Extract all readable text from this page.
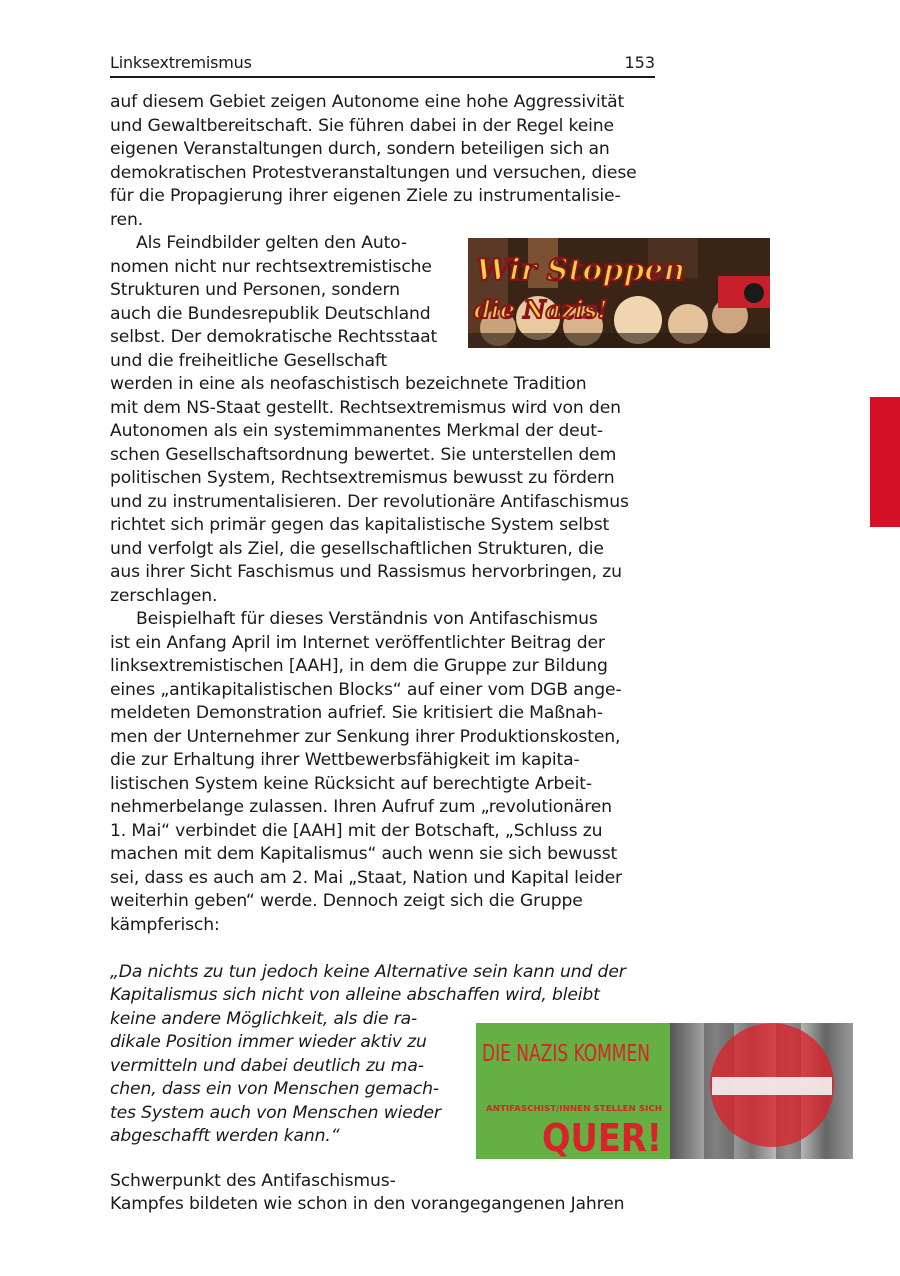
Linksextremismus	153
auf diesem Gebiet zeigen Autonome eine hohe Aggressivität
und Gewaltbereitschaft. Sie führen dabei in der Regel keine
eigenen Veranstaltungen durch, sondern beteiligen sich an
demokratischen Protestveranstaltungen und versuchen, diese
für die Propagierung ihrer eigenen Ziele zu instrumentalisie-
ren.
Als Feindbilder gelten den Auto-
nomen nicht nur rechtsextremistische
Strukturen und Personen, sondern
auch die Bundesrepublik Deutschland
selbst. Der demokratische Rechtsstaat
und die freiheitliche Gesellschaft
werden in eine als neofaschistisch bezeichnete Tradition
mit dem NS-Staat gestellt. Rechtsextremismus wird von den
Autonomen als ein systemimmanentes Merkmal der deut-
schen Gesellschaftsordnung bewertet. Sie unterstellen dem
politischen System, Rechtsextremismus bewusst zu fördern
und zu instrumentalisieren. Der revolutionäre Antifaschismus
richtet sich primär gegen das kapitalistische System selbst
und verfolgt als Ziel, die gesellschaftlichen Strukturen, die
aus ihrer Sicht Faschismus und Rassismus hervorbringen, zu
zerschlagen.
Beispielhaft für dieses Verständnis von Antifaschismus
ist ein Anfang April im Internet veröffentlichter Beitrag der
linksextremistischen [AAH], in dem die Gruppe zur Bildung
eines „antikapitalistischen Blocks“ auf einer vom DGB ange-
meldeten Demonstration aufrief. Sie kritisiert die Maßnah-
men der Unternehmer zur Senkung ihrer Produktionskosten,
die zur Erhaltung ihrer Wettbewerbsfähigkeit im kapita-
listischen System keine Rücksicht auf berechtigte Arbeit-
nehmerbelange zulassen. Ihren Aufruf zum „revolutionären
1. Mai“ verbindet die [AAH] mit der Botschaft, „Schluss zu
machen mit dem Kapitalismus“ auch wenn sie sich bewusst
sei, dass es auch am 2. Mai „Staat, Nation und Kapital leider
weiterhin geben“ werde. Dennoch zeigt sich die Gruppe
kämpferisch:
„Da nichts zu tun jedoch keine Alternative sein kann und der
Kapitalismus sich nicht von alleine abschaffen wird, bleibt
keine andere Möglichkeit, als die ra-
dikale Position immer wieder aktiv zu
vermitteln und dabei deutlich zu ma-
chen, dass ein von Menschen gemach-
tes System auch von Menschen wieder
abgeschafft werden kann.“
Schwerpunkt des Antifaschismus-
Kampfes bildeten wie schon in den vorangegangenen Jahren
Wir Stoppen
die Nazis!
DIE NAZIS KOMMEN
ANTIFASCHIST/INNEN STELLEN SICH
QUER!
